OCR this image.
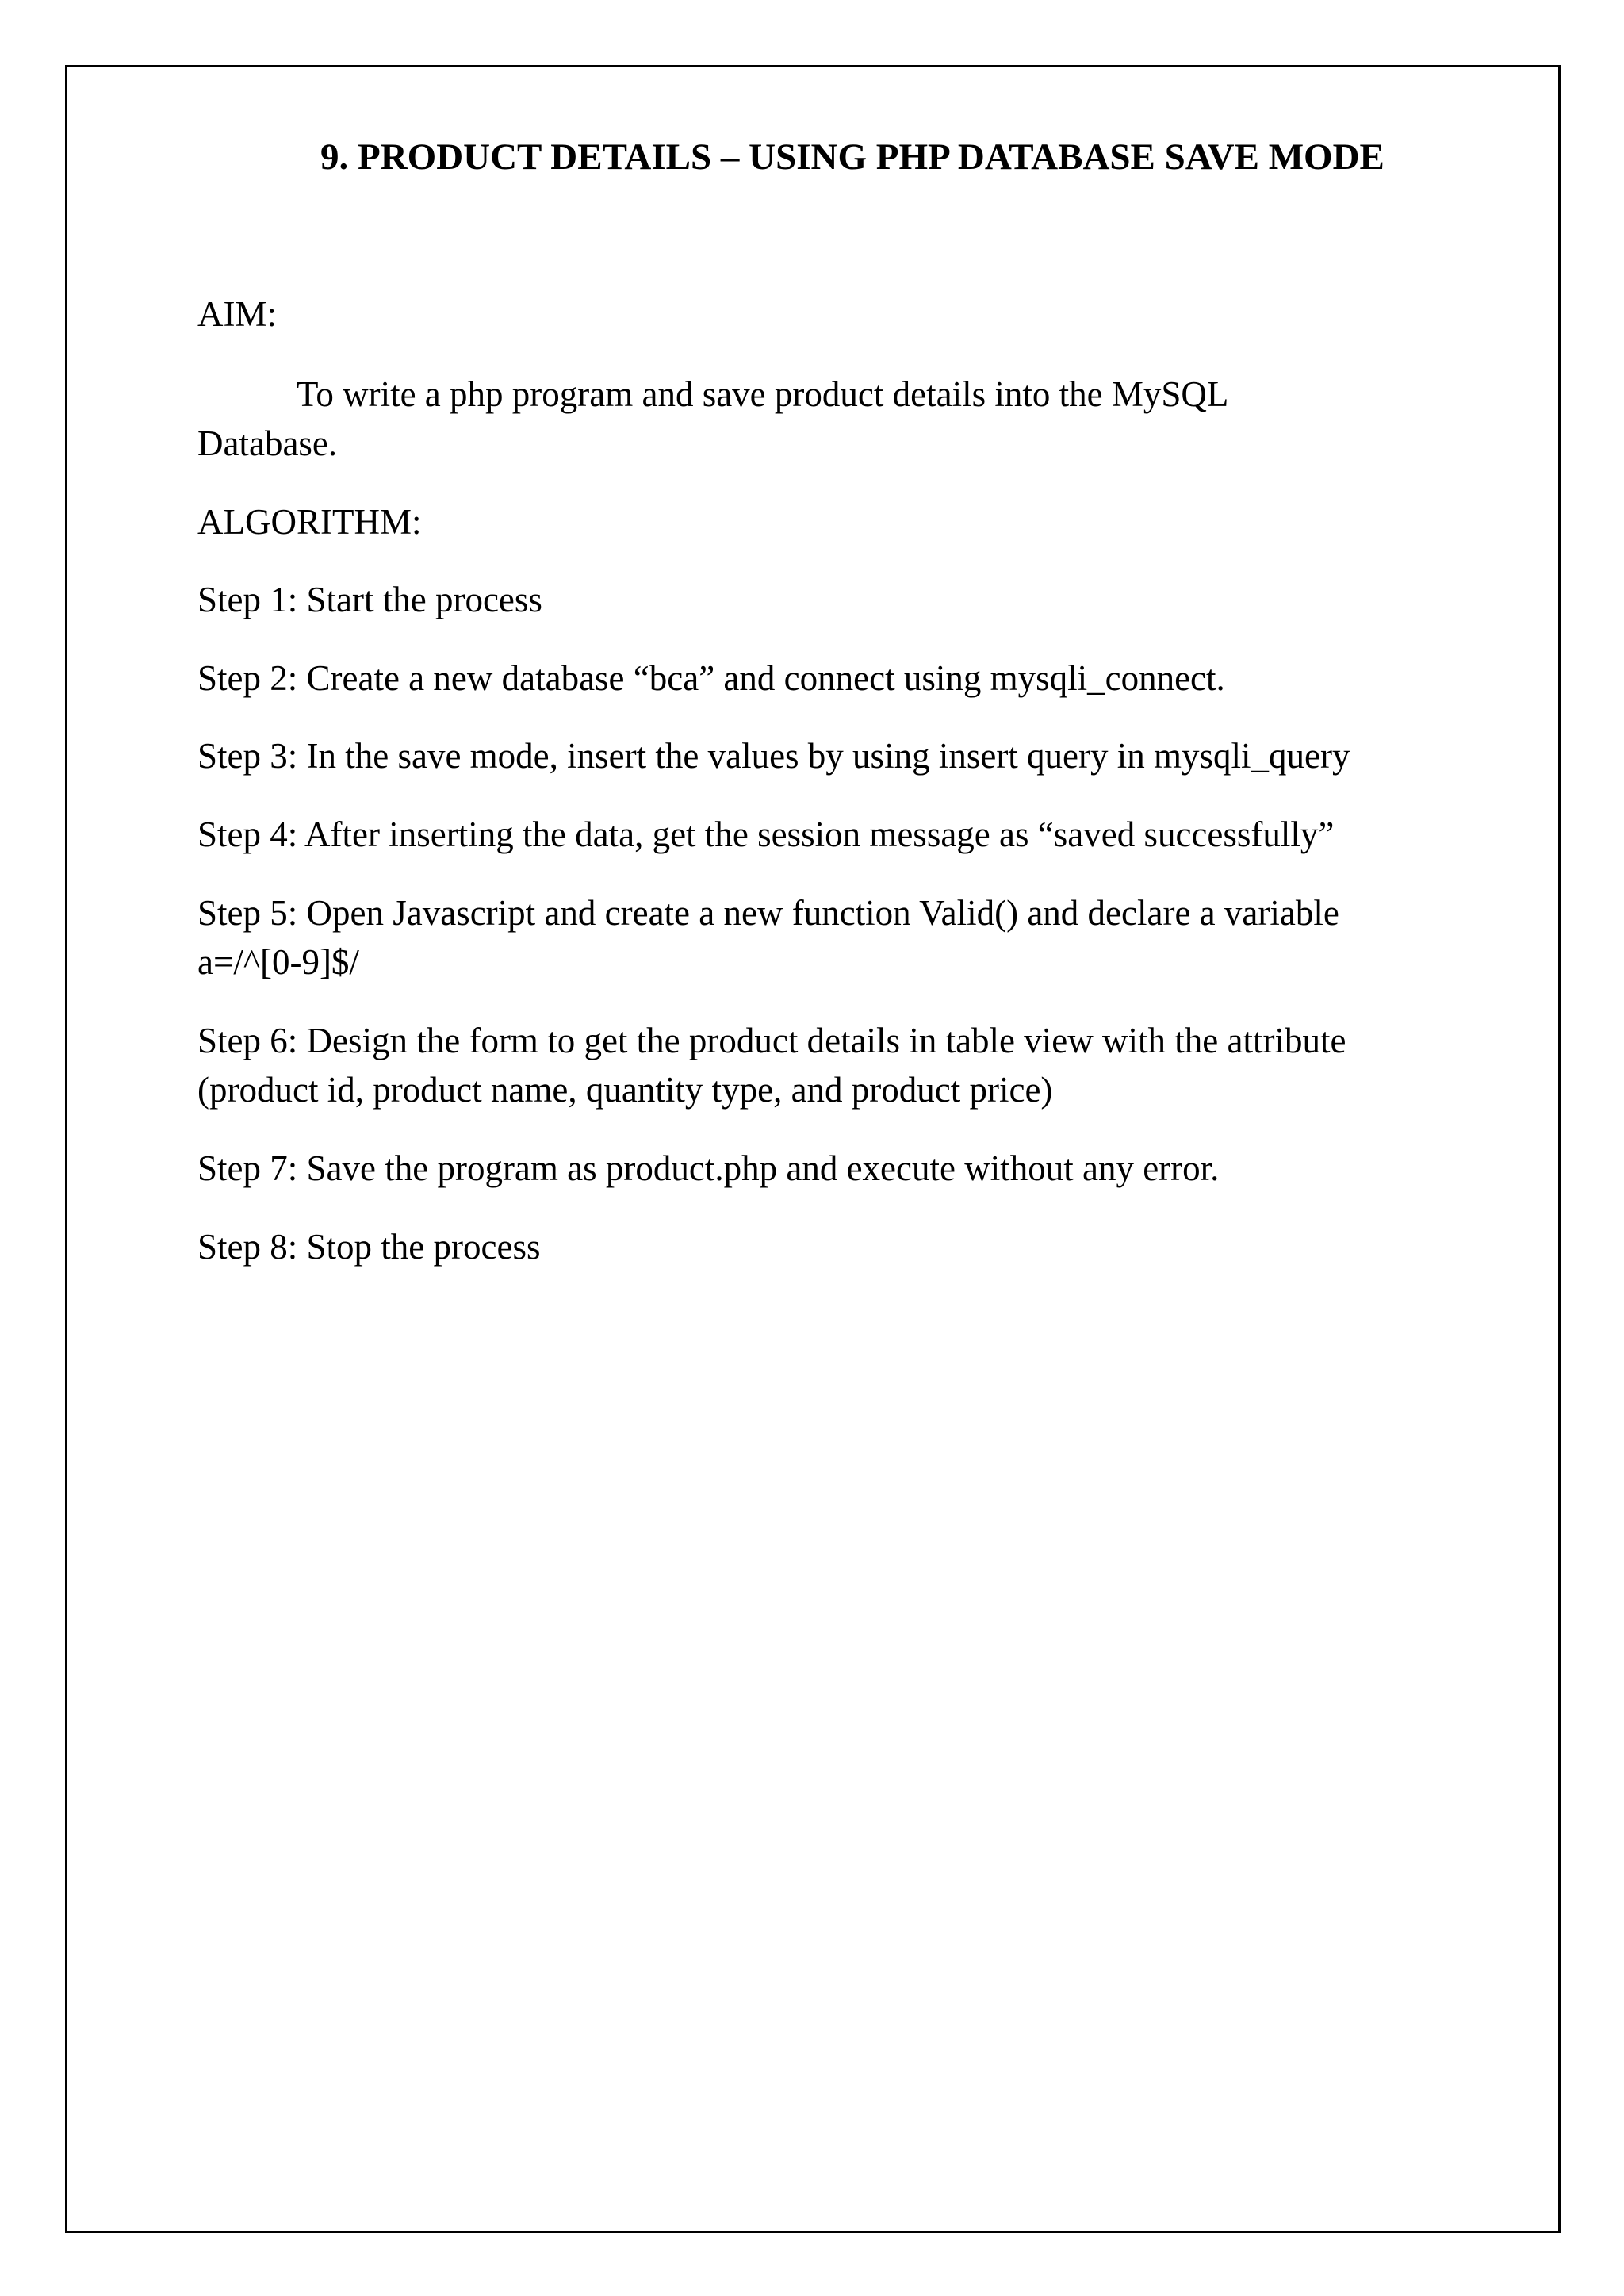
9. PRODUCT DETAILS – USING PHP DATABASE SAVE MODE
AIM:
To write a php program and save product details into the MySQL
Database.
ALGORITHM:
Step 1: Start the process
Step 2: Create a new database “bca” and connect using mysqli_connect.
Step 3: In the save mode, insert the values by using insert query in mysqli_query
Step 4: After inserting the data, get the session message as “saved successfully”
Step 5: Open Javascript and create a new function Valid() and declare a variable
a=/^[0-9]$/
Step 6: Design the form to get the product details in table view with the attribute
(product id, product name, quantity type, and product price)
Step 7: Save the program as product.php and execute without any error.
Step 8: Stop the process
